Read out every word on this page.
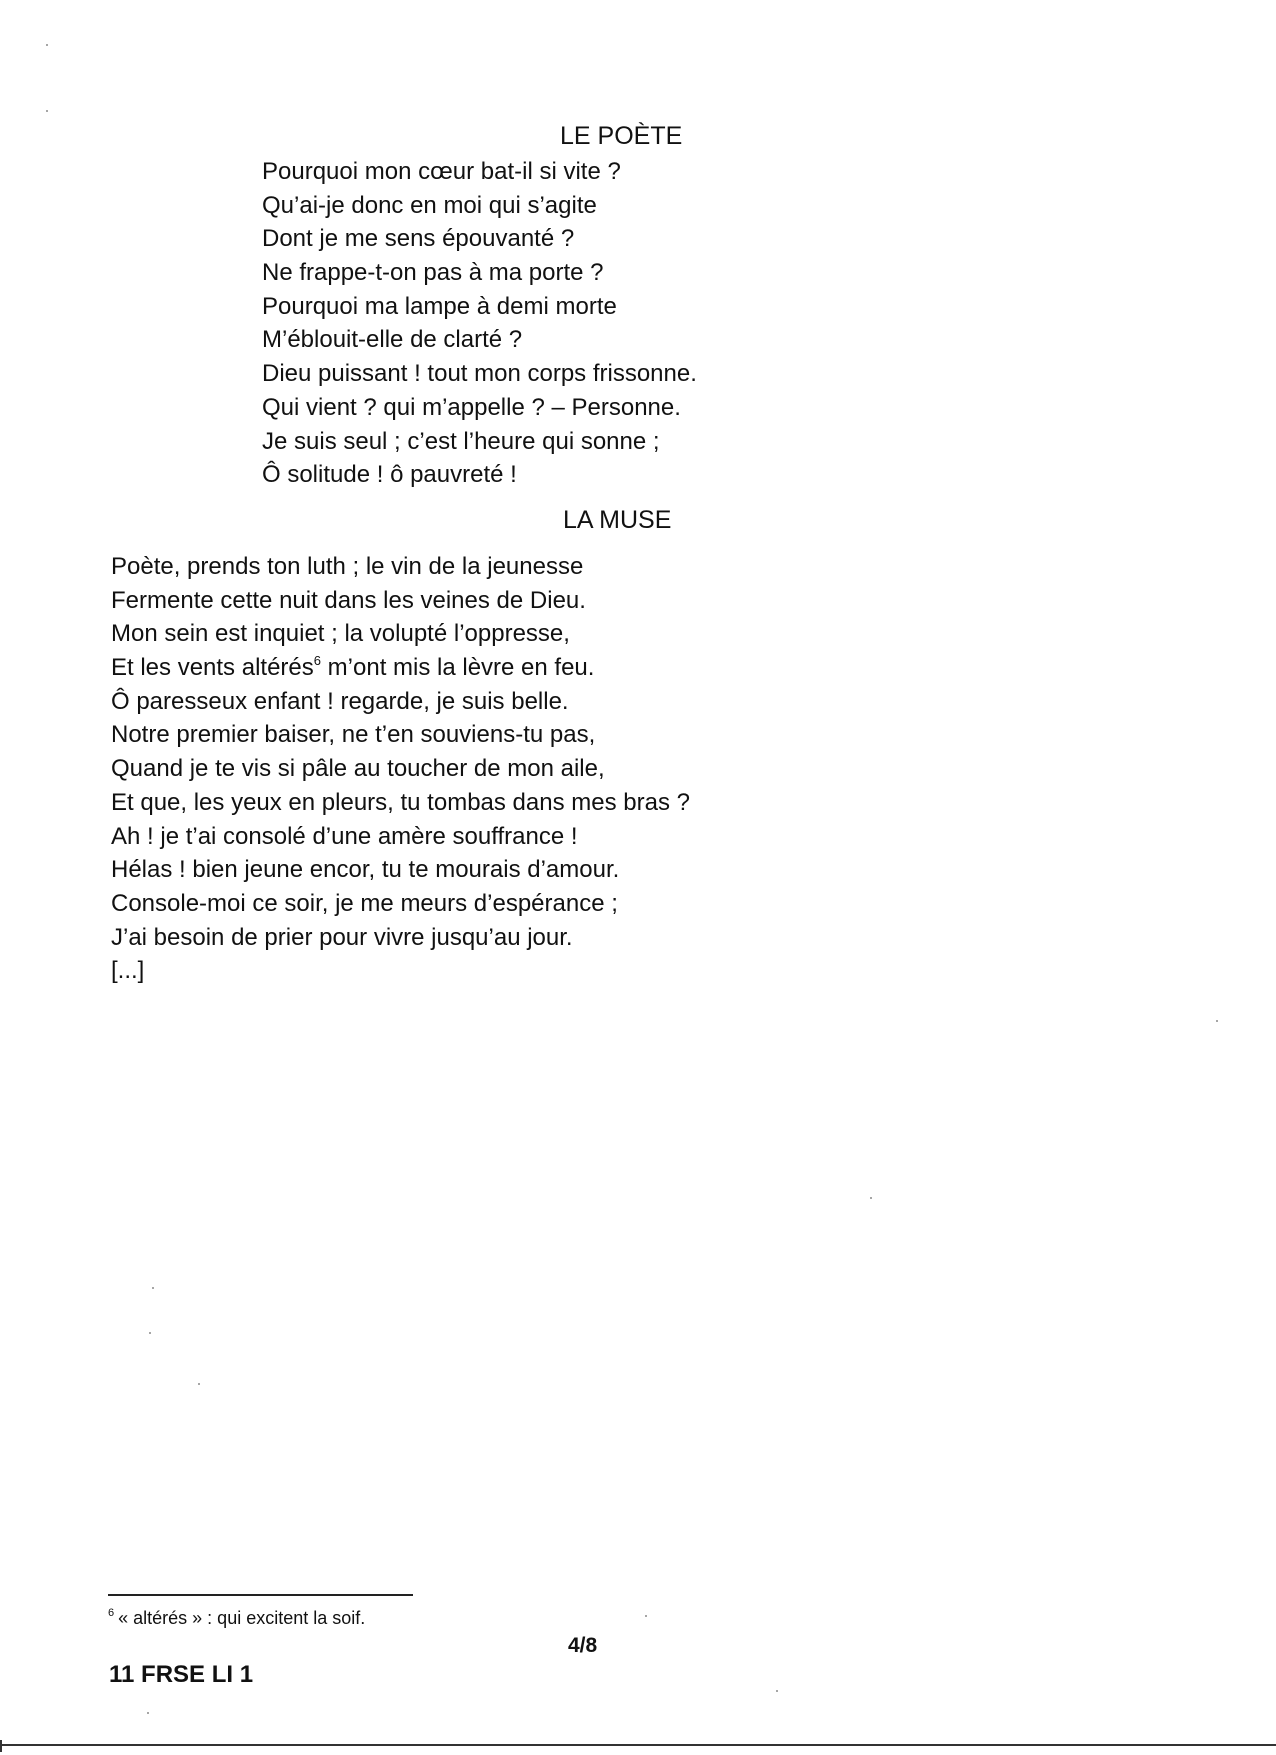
LE POÈTE
Pourquoi mon cœur bat-il si vite ?
Qu’ai-je donc en moi qui s’agite
Dont je me sens épouvanté ?
Ne frappe-t-on pas à ma porte ?
Pourquoi ma lampe à demi morte
M’éblouit-elle de clarté ?
Dieu puissant ! tout mon corps frissonne.
Qui vient ? qui m’appelle ? – Personne.
Je suis seul ; c’est l’heure qui sonne ;
Ô solitude ! ô pauvreté !
LA MUSE
Poète, prends ton luth ; le vin de la jeunesse
Fermente cette nuit dans les veines de Dieu.
Mon sein est inquiet ; la volupté l’oppresse,
Et les vents altérés$^6$ m’ont mis la lèvre en feu.
Ô paresseux enfant ! regarde, je suis belle.
Notre premier baiser, ne t’en souviens-tu pas,
Quand je te vis si pâle au toucher de mon aile,
Et que, les yeux en pleurs, tu tombas dans mes bras ?
Ah ! je t’ai consolé d’une amère souffrance !
Hélas ! bien jeune encor, tu te mourais d’amour.
Console-moi ce soir, je me meurs d’espérance ;
J’ai besoin de prier pour vivre jusqu’au jour.
[...]
$^6$ « altérés » : qui excitent la soif.
4/8
11 FRSE LI 1
